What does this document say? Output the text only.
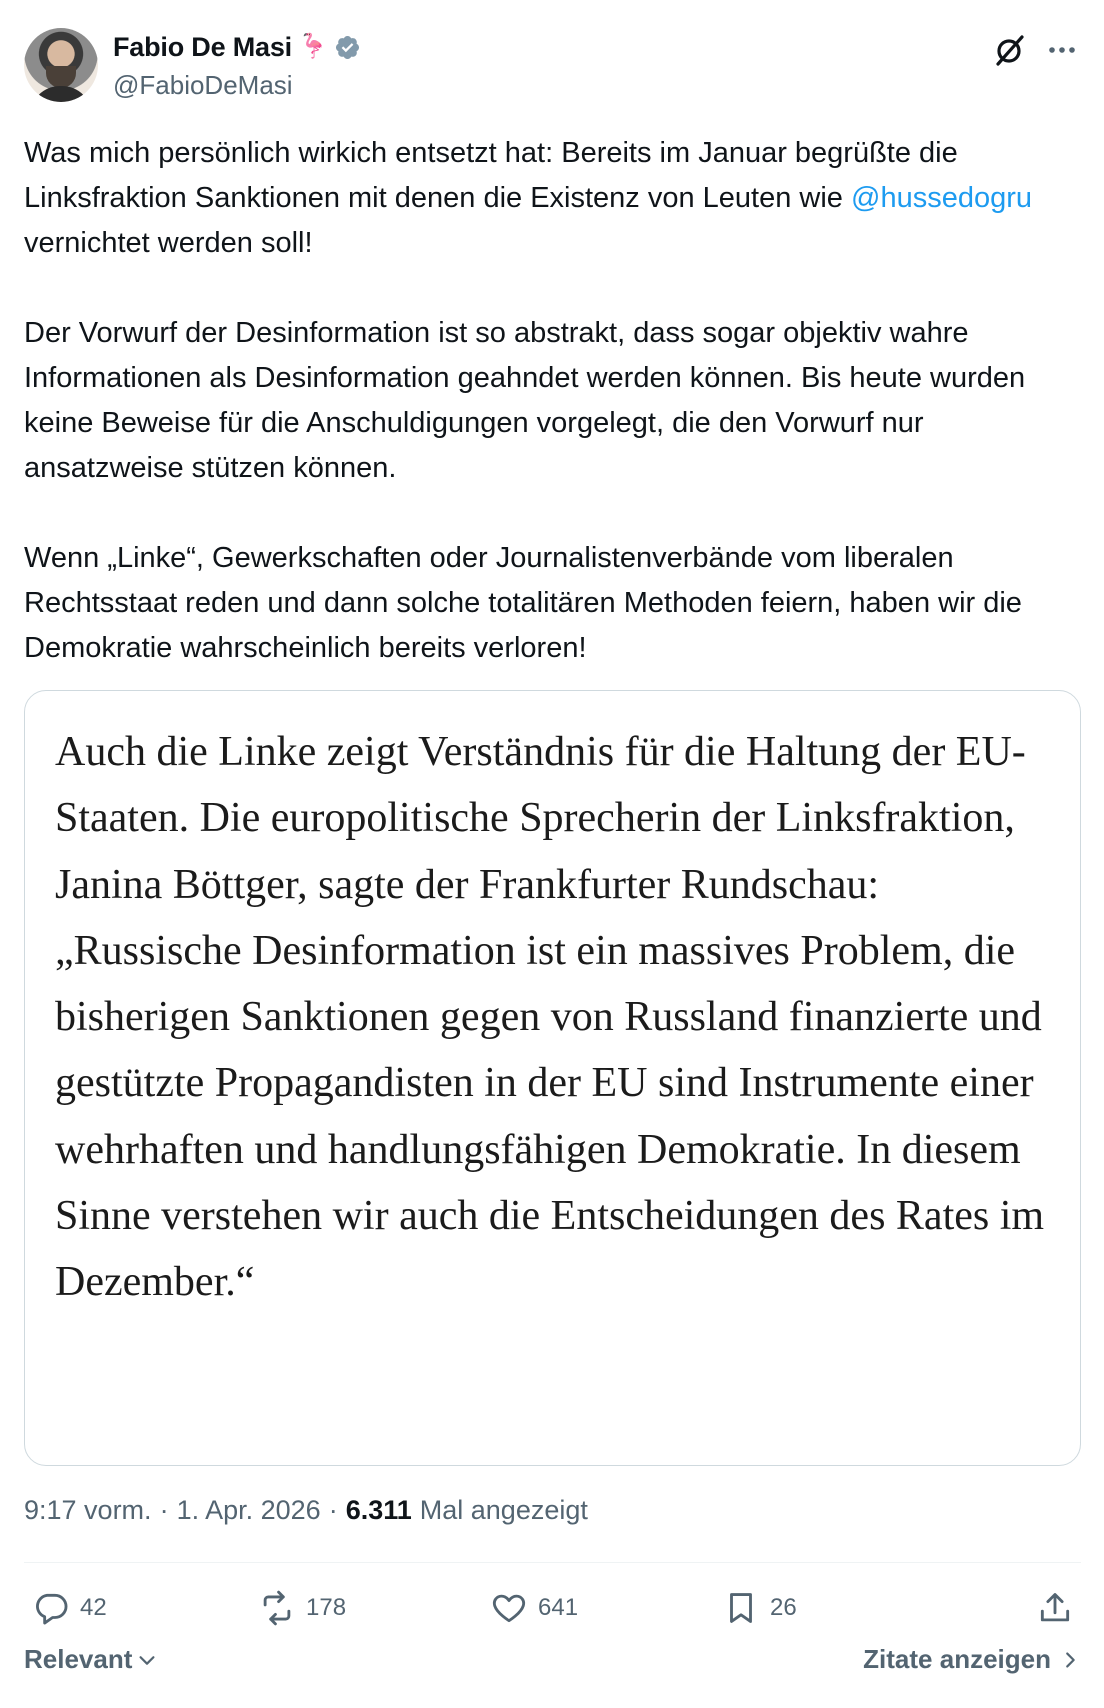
Fabio De Masi 🦩
@FabioDeMasi

Was mich persönlich wirkich entsetzt hat: Bereits im Januar begrüßte die Linksfraktion Sanktionen mit denen die Existenz von Leuten wie @hussedogru vernichtet werden soll!

Der Vorwurf der Desinformation ist so abstrakt, dass sogar objektiv wahre Informationen als Desinformation geahndet werden können. Bis heute wurden keine Beweise für die Anschuldigungen vorgelegt, die den Vorwurf nur ansatzweise stützen können.

Wenn „Linke“, Gewerkschaften oder Journalistenverbände vom liberalen Rechtsstaat reden und dann solche totalitären Methoden feiern, haben wir die Demokratie wahrscheinlich bereits verloren!

Auch die Linke zeigt Verständnis für die Haltung der EU-Staaten. Die europolitische Sprecherin der Linksfraktion, Janina Böttger, sagte der Frankfurter Rundschau: „Russische Desinformation ist ein massives Problem, die bisherigen Sanktionen gegen von Russland finanzierte und gestützte Propagandisten in der EU sind Instrumente einer wehrhaften und handlungsfähigen Demokratie. In diesem Sinne verstehen wir auch die Entscheidungen des Rates im Dezember.“
9:17 vorm. · 1. Apr. 2026 · 6.311 Mal angezeigt
42	178	641	26
Relevant	Zitate anzeigen
